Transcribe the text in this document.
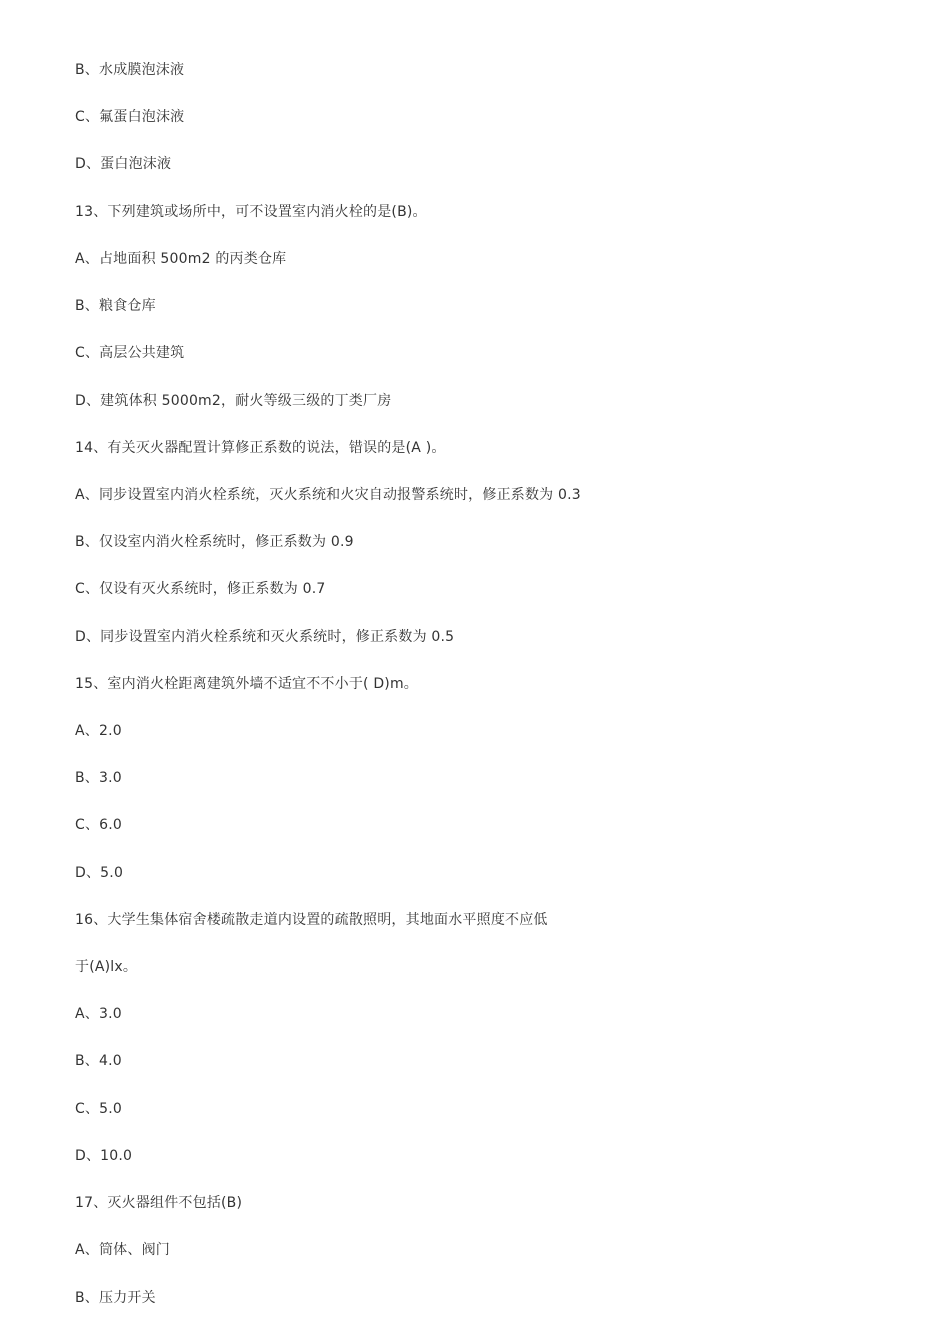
B、水成膜泡沫液
C、氟蛋白泡沫液
D、蛋白泡沫液
13、下列建筑或场所中，可不设置室内消火栓的是(B)。
A、占地面积 500m2 的丙类仓库
B、粮食仓库
C、高层公共建筑
D、建筑体积 5000m2，耐火等级三级的丁类厂房
14、有关灭火器配置计算修正系数的说法，错误的是(A )。
A、同步设置室内消火栓系统，灭火系统和火灾自动报警系统时，修正系数为 0.3
B、仅设室内消火栓系统时，修正系数为 0.9
C、仅设有灭火系统时，修正系数为 0.7
D、同步设置室内消火栓系统和灭火系统时，修正系数为 0.5
15、室内消火栓距离建筑外墙不适宜不不小于( D)m。
A、2.0
B、3.0
C、6.0
D、5.0
16、大学生集体宿舍楼疏散走道内设置的疏散照明，其地面水平照度不应低
于(A)lx。
A、3.0
B、4.0
C、5.0
D、10.0
17、灭火器组件不包括(B)
A、筒体、阀门
B、压力开关
